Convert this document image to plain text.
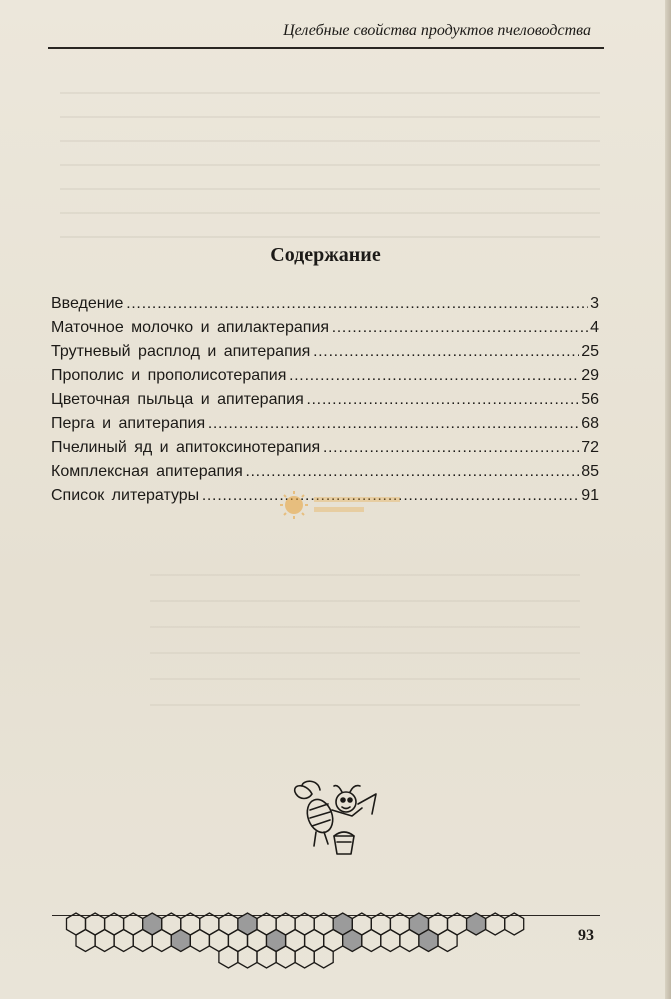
Целебные свойства продуктов пчеловодства
Содержание
Введение …………………………………………………………………………………………………………………………	3
Маточное молочко и апилактерапия …………………………………………………………………………………………………………………………	4
Трутневый расплод и апитерапия …………………………………………………………………………………………………………………………	25
Прополис и прополисотерапия …………………………………………………………………………………………………………………………	29
Цветочная пыльца и апитерапия …………………………………………………………………………………………………………………………	56
Перга и апитерапия …………………………………………………………………………………………………………………………	68
Пчелиный яд и апитоксинотерапия …………………………………………………………………………………………………………………………	72
Комплексная апитерапия …………………………………………………………………………………………………………………………	85
Список литературы …………………………………………………………………………………………………………………………	91
93
